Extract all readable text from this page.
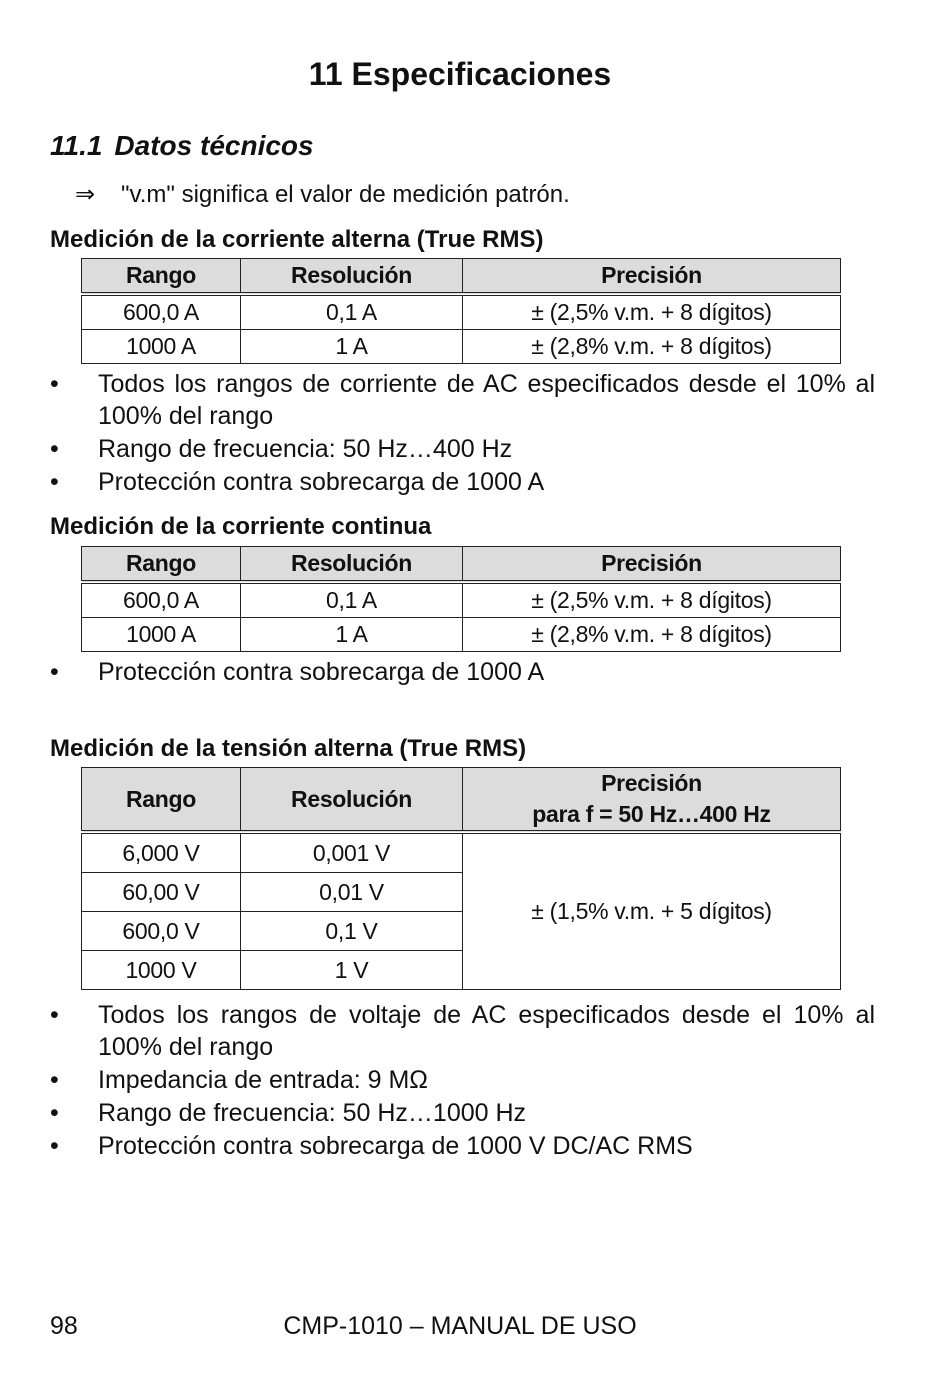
11 Especificaciones
11.1 Datos técnicos
⇒ "v.m" significa el valor de medición patrón.
Medición de la corriente alterna (True RMS)
Rango	Resolución	Precisión
600,0 A	0,1 A	± (2,5% v.m. + 8 dígitos)
1000 A	1 A	± (2,8% v.m. + 8 dígitos)
•	Todos los rangos de corriente de AC especificados desde el 10% al 100% del rango
•	Rango de frecuencia: 50 Hz…400 Hz
•	Protección contra sobrecarga de 1000 A
Medición de la corriente continua
Rango	Resolución	Precisión
600,0 A	0,1 A	± (2,5% v.m. + 8 dígitos)
1000 A	1 A	± (2,8% v.m. + 8 dígitos)
•	Protección contra sobrecarga de 1000 A
Medición de la tensión alterna (True RMS)
Rango	Resolución	Precisión
para f = 50 Hz…400 Hz

6,000 V	0,001 V	± (1,5% v.m. + 5 dígitos)
60,00 V	0,01 V	
600,0 V	0,1 V	
1000 V	1 V	
•	Todos los rangos de voltaje de AC especificados desde el 10% al 100% del rango
•	Impedancia de entrada: 9 MΩ
•	Rango de frecuencia: 50 Hz…1000 Hz
•	Protección contra sobrecarga de 1000 V DC/AC RMS
98	CMP-1010 – MANUAL DE USO
